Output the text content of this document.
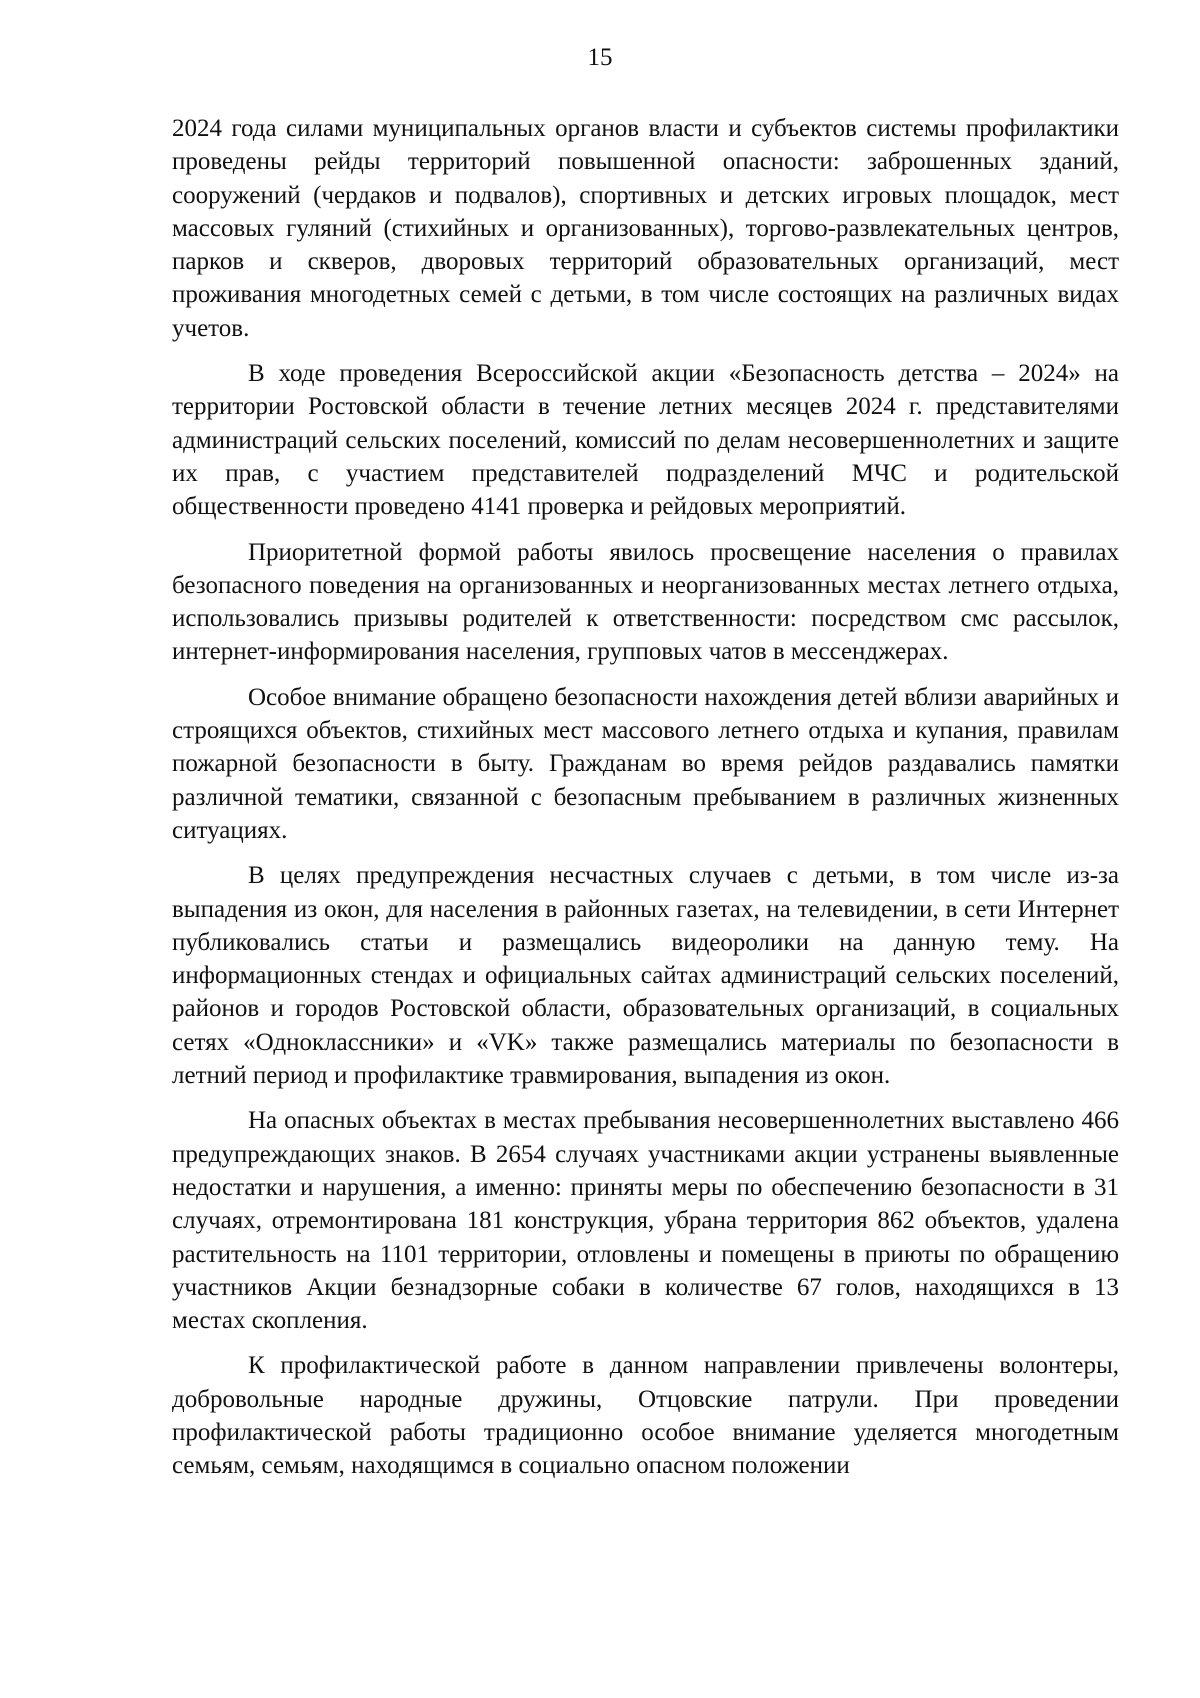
15

2024 года силами муниципальных органов власти и субъектов системы профилактики проведены рейды территорий повышенной опасности: заброшенных зданий, сооружений (чердаков и подвалов), спортивных и детских игровых площадок, мест массовых гуляний (стихийных и организованных), торгово-развлекательных центров, парков и скверов, дворовых территорий образовательных организаций, мест проживания многодетных семей с детьми, в том числе состоящих на различных видах учетов.

В ходе проведения Всероссийской акции «Безопасность детства – 2024» на территории Ростовской области в течение летних месяцев 2024 г. представителями администраций сельских поселений, комиссий по делам несовершеннолетних и защите их прав, с участием представителей подразделений МЧС и родительской общественности проведено 4141 проверка и рейдовых мероприятий.

Приоритетной формой работы явилось просвещение населения о правилах безопасного поведения на организованных и неорганизованных местах летнего отдыха, использовались призывы родителей к ответственности: посредством смс рассылок, интернет-информирования населения, групповых чатов в мессенджерах.

Особое внимание обращено безопасности нахождения детей вблизи аварийных и строящихся объектов, стихийных мест массового летнего отдыха и купания, правилам пожарной безопасности в быту. Гражданам во время рейдов раздавались памятки различной тематики, связанной с безопасным пребыванием в различных жизненных ситуациях.

В целях предупреждения несчастных случаев с детьми, в том числе из-за выпадения из окон, для населения в районных газетах, на телевидении, в сети Интернет публиковались статьи и размещались видеоролики на данную тему. На информационных стендах и официальных сайтах администраций сельских поселений, районов и городов Ростовской области, образовательных организаций, в социальных сетях «Одноклассники» и «VK» также размещались материалы по безопасности в летний период и профилактике травмирования, выпадения из окон.

На опасных объектах в местах пребывания несовершеннолетних выставлено 466 предупреждающих знаков. В 2654 случаях участниками акции устранены выявленные недостатки и нарушения, а именно: приняты меры по обеспечению безопасности в 31 случаях, отремонтирована 181 конструкция, убрана территория 862 объектов, удалена растительность на 1101 территории, отловлены и помещены в приюты по обращению участников Акции безнадзорные собаки в количестве 67 голов, находящихся в 13 местах скопления.

К профилактической работе в данном направлении привлечены волонтеры, добровольные народные дружины, Отцовские патрули. При проведении профилактической работы традиционно особое внимание уделяется многодетным семьям, семьям, находящимся в социально опасном положении
